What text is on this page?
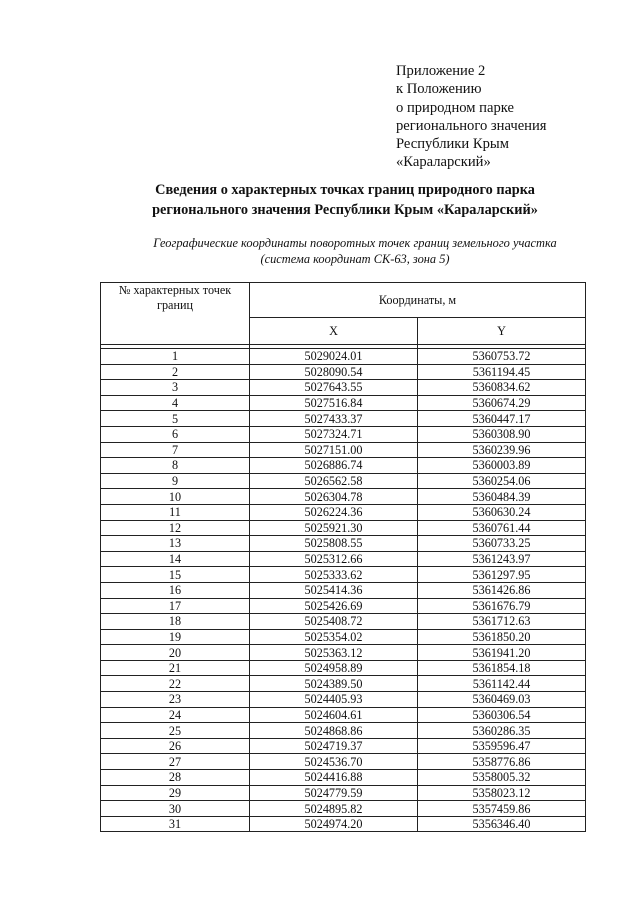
Приложение 2
к Положению
о природном парке
регионального значения
Республики Крым
«Караларский»
Сведения о характерных точках границ природного парка
регионального значения Республики Крым «Караларский»
Географические координаты поворотных точек границ земельного участка
(система координат СК-63, зона 5)
№ характерных точек границ	Координаты, м	
	X	Y

1	5029024.01	5360753.72
2	5028090.54	5361194.45
3	5027643.55	5360834.62
4	5027516.84	5360674.29
5	5027433.37	5360447.17
6	5027324.71	5360308.90
7	5027151.00	5360239.96
8	5026886.74	5360003.89
9	5026562.58	5360254.06
10	5026304.78	5360484.39
11	5026224.36	5360630.24
12	5025921.30	5360761.44
13	5025808.55	5360733.25
14	5025312.66	5361243.97
15	5025333.62	5361297.95
16	5025414.36	5361426.86
17	5025426.69	5361676.79
18	5025408.72	5361712.63
19	5025354.02	5361850.20
20	5025363.12	5361941.20
21	5024958.89	5361854.18
22	5024389.50	5361142.44
23	5024405.93	5360469.03
24	5024604.61	5360306.54
25	5024868.86	5360286.35
26	5024719.37	5359596.47
27	5024536.70	5358776.86
28	5024416.88	5358005.32
29	5024779.59	5358023.12
30	5024895.82	5357459.86
31	5024974.20	5356346.40
